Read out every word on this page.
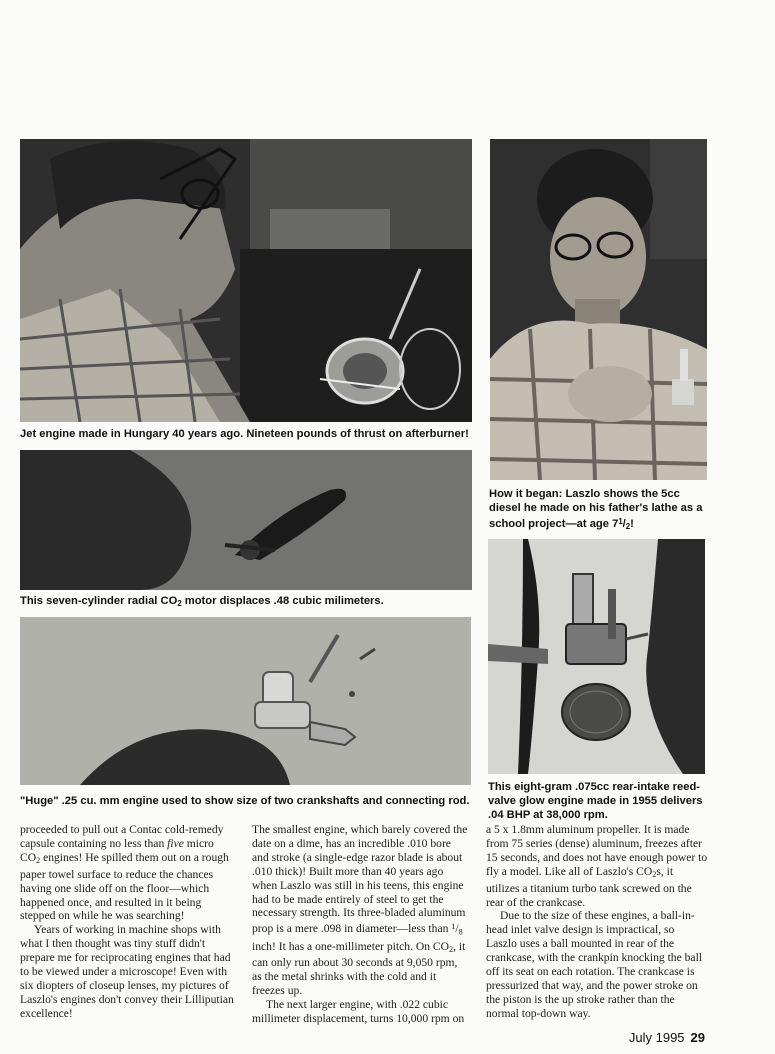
Jet engine made in Hungary 40 years ago. Nineteen pounds of thrust on afterburner!
How it began: Laszlo shows the 5cc diesel he made on his father's lathe as a school project—at age $7^1/_2$!
This seven-cylinder radial $CO_2$ motor displaces .48 cubic milimeters.
"Huge" .25 cu. mm engine used to show size of two crankshafts and connecting rod.
This eight-gram .075cc rear-intake reed-valve glow engine made in 1955 delivers .04 BHP at 38,000 rpm.

proceeded to pull out a Contac cold-remedy capsule containing no less than five micro $CO_2$ engines! He spilled them out on a rough paper towel surface to reduce the chances having one slide off on the floor—which happened once, and resulted in it being stepped on while he was searching!

Years of working in machine shops with what I then thought was tiny stuff didn't prepare me for reciprocating engines that had to be viewed under a microscope! Even with six diopters of closeup lenses, my pictures of Laszlo's engines don't convey their Lilliputian excellence!

The smallest engine, which barely covered the date on a dime, has an incredible .010 bore and stroke (a single-edge razor blade is about .010 thick)! Built more than 40 years ago when Laszlo was still in his teens, this engine had to be made entirely of steel to get the necessary strength. Its three-bladed aluminum prop is a mere .098 in diameter—less than $^1/_8$ inch! It has a one-millimeter pitch. On $CO_2$, it can only run about 30 seconds at 9,050 rpm, as the metal shrinks with the cold and it freezes up.

The next larger engine, with .022 cubic millimeter displacement, turns 10,000 rpm on

a 5 x 1.8mm aluminum propeller. It is made from 75 series (dense) aluminum, freezes after 15 seconds, and does not have enough power to fly a model. Like all of Laszlo's $CO_2s$, it utilizes a titanium turbo tank screwed on the rear of the crankcase.

Due to the size of these engines, a ball-in-head inlet valve design is impractical, so Laszlo uses a ball mounted in rear of the crankcase, with the crankpin knocking the ball off its seat on each rotation. The crankcase is pressurized that way, and the power stroke on the piston is the up stroke rather than the normal top-down way.

July 1995 29
